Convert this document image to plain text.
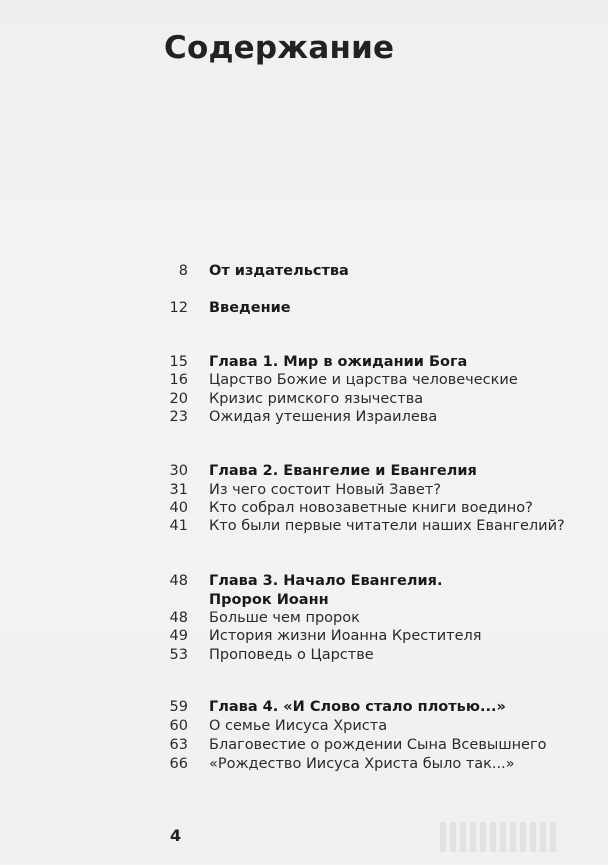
Содержание
8 От издательства
12 Введение
15 Глава 1. Мир в ожидании Бога
16 Царство Божие и царства человеческие
20 Кризис римского язычества
23 Ожидая утешения Израилева
30 Глава 2. Евангелие и Евангелия
31 Из чего состоит Новый Завет?
40 Кто собрал новозаветные книги воедино?
41 Кто были первые читатели наших Евангелий?
48 Глава 3. Начало Евангелия.
Пророк Иоанн
48 Больше чем пророк
49 История жизни Иоанна Крестителя
53 Проповедь о Царстве
59 Глава 4. «И Слово стало плотью...»
60 О семье Иисуса Христа
63 Благовестие о рождении Сына Всевышнего
66 «Рождество Иисуса Христа было так...»
4
